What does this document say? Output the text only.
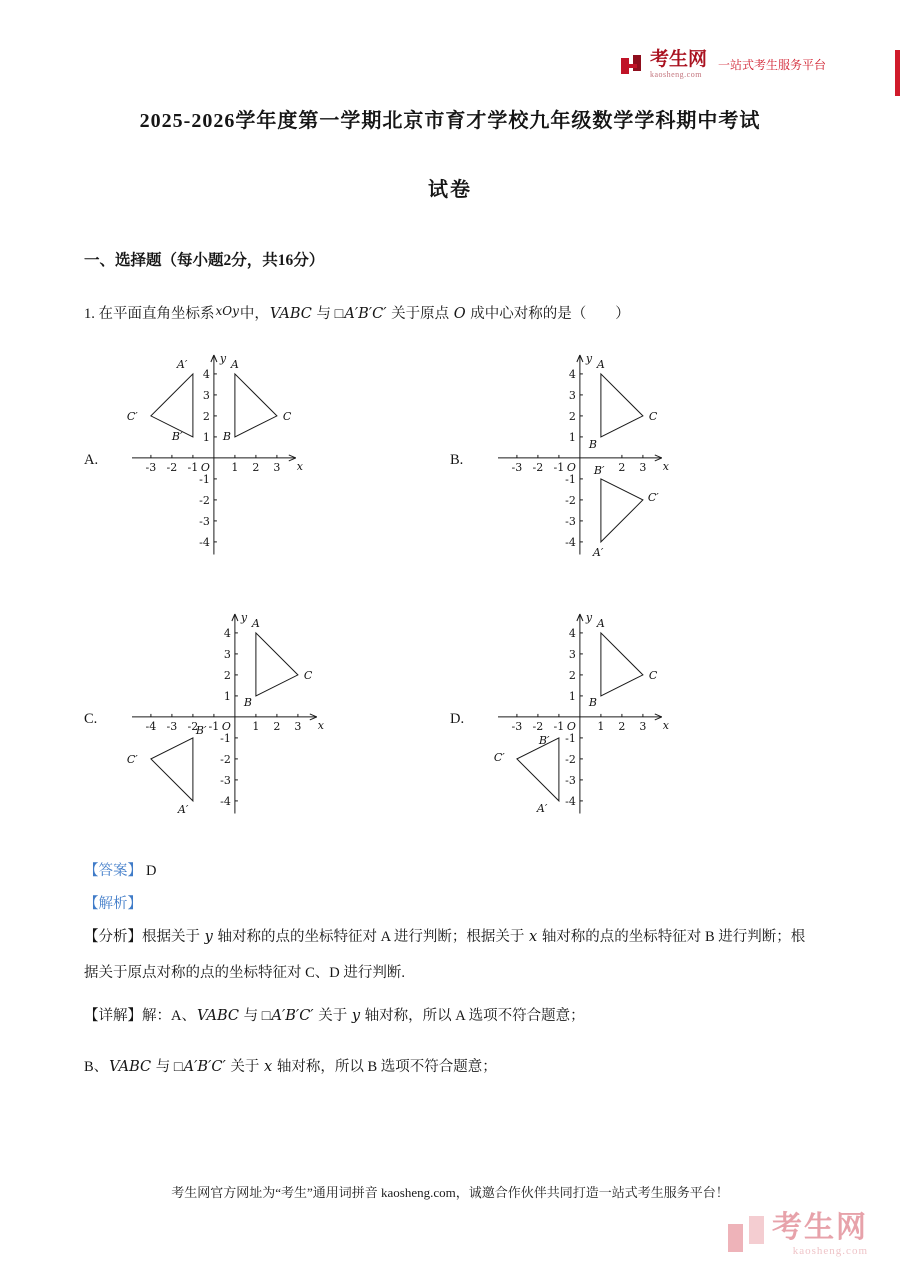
考生网
kaosheng.com
一站式考生服务平台
2025-2026学年度第一学期北京市育才学校九年级数学学科期中考试
试卷
一、选择题（每小题2分，共16分）

1. 在平面直角坐标系$^{xOy}$中，VABC 与 □A′B′C′ 关于原点 O 成中心对称的是（　　）

A.	-3 -2 -1	1 2 3
4
3
2
1
-1
-2
-3
-4
O	x
y A
B
C
A′
B′
C′
B.	-3 -2 -1	2 3
4
3
2
1
-1
-2
-3
-4
O	x
y A
B
C
B′
C′
A′
C.	-4 -3 -2 -1	1 2 3
4
3
2
1
-1
-2
-3
-4
O	x
y A
B
C
B′
C′
A′
D.	-3 -2 -1	1 2 3
4
3
2
1
-1
-2
-3
-4
O	x
y A
B
C
B′
C′
A′

【答案】 D

【解析】

【分析】根据关于 y 轴对称的点的坐标特征对 A 进行判断；根据关于 x 轴对称的点的坐标特征对 B 进行判断；根据关于原点对称的点的坐标特征对 C、D 进行判断.

【详解】解：A、VABC 与 □A′B′C′ 关于 y 轴对称，所以 A 选项不符合题意；

B、VABC 与 □A′B′C′ 关于 x 轴对称，所以 B 选项不符合题意；

考生网官方网址为“考生”通用词拼音 kaosheng.com，诚邀合作伙伴共同打造一站式考生服务平台！

考生网
kaosheng.com
